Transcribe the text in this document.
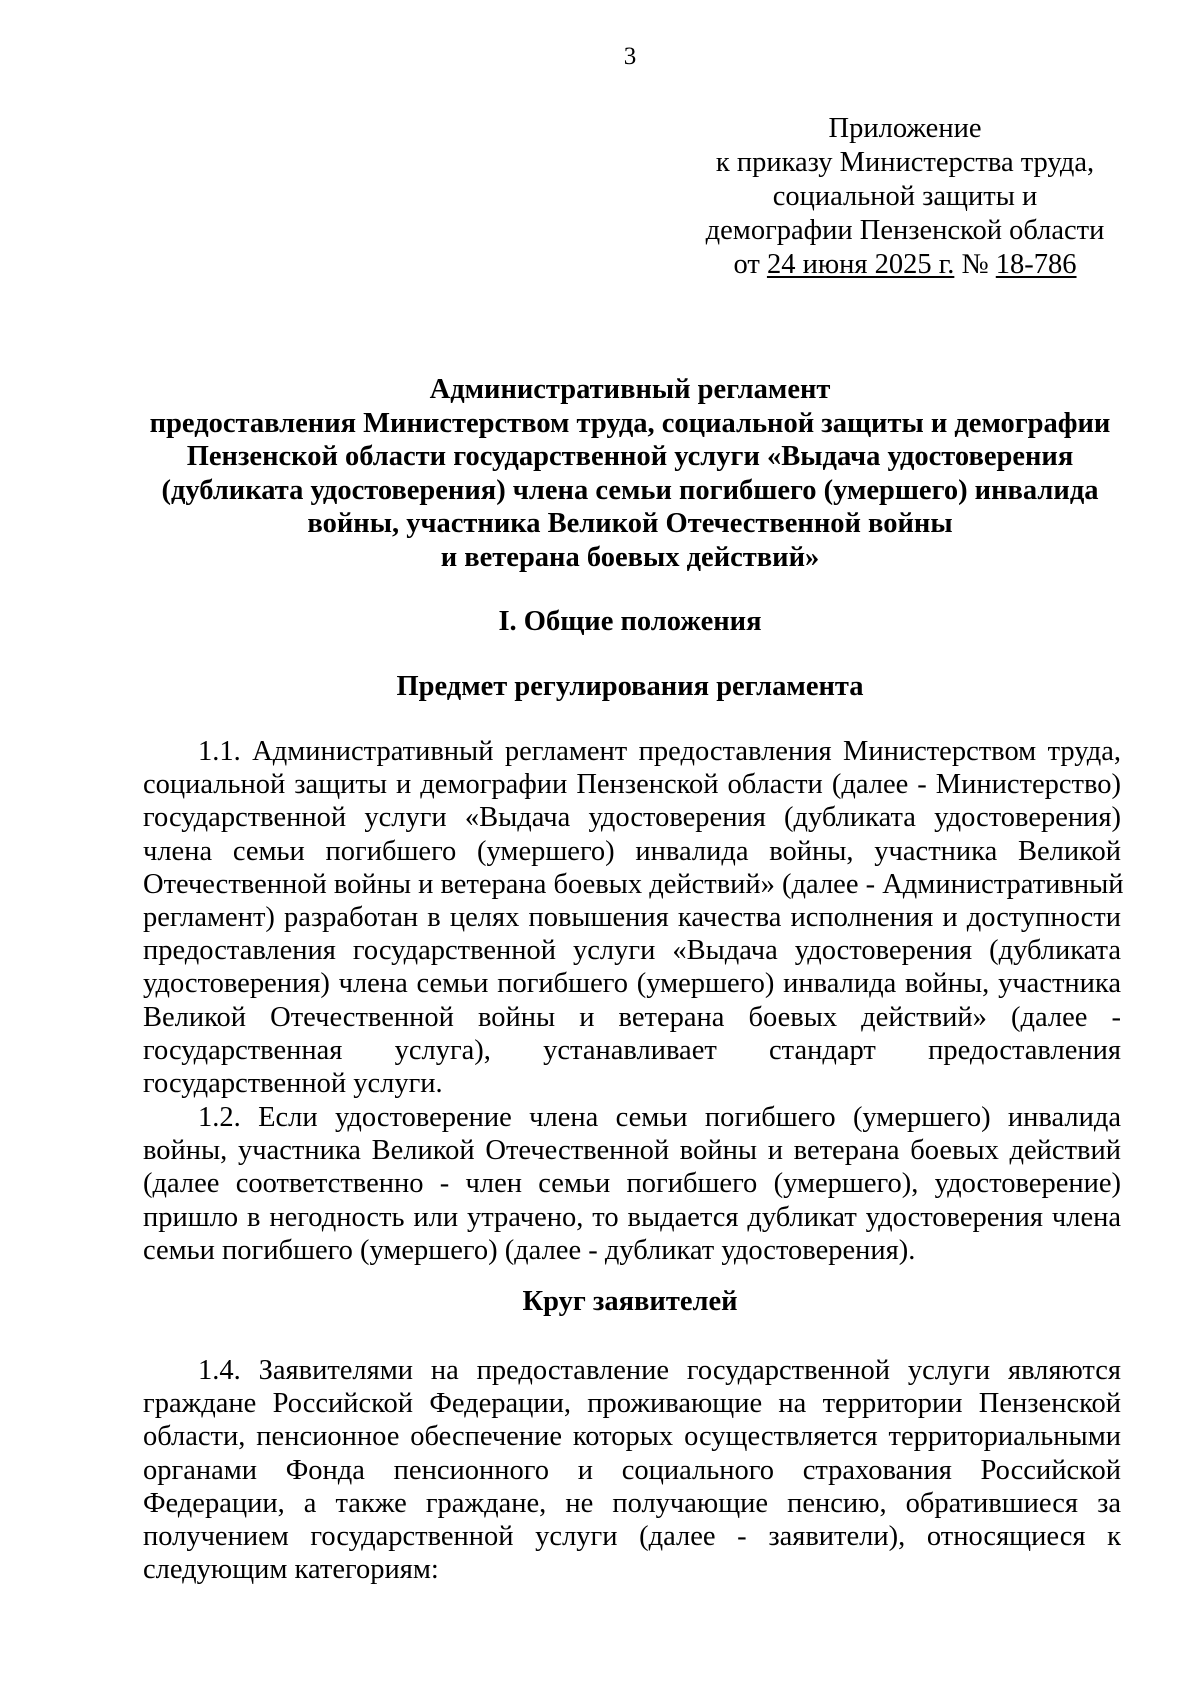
3
Приложение
к приказу Министерства труда,
социальной защиты и
демографии Пензенской области
от 24 июня 2025 г. № 18-786
Административный регламент
предоставления Министерством труда, социальной защиты и демографии
Пензенской области государственной услуги «Выдача удостоверения
(дубликата удостоверения) члена семьи погибшего (умершего) инвалида
войны, участника Великой Отечественной войны
и ветерана боевых действий»
I. Общие положения
Предмет регулирования регламента
1.1. Административный регламент предоставления Министерством труда,
социальной защиты и демографии Пензенской области (далее - Министерство)
государственной услуги «Выдача удостоверения (дубликата удостоверения)
члена семьи погибшего (умершего) инвалида войны, участника Великой
Отечественной войны и ветерана боевых действий» (далее - Административный
регламент) разработан в целях повышения качества исполнения и доступности
предоставления государственной услуги «Выдача удостоверения (дубликата
удостоверения) члена семьи погибшего (умершего) инвалида войны, участника
Великой Отечественной войны и ветерана боевых действий» (далее -
государственная услуга), устанавливает стандарт предоставления
государственной услуги.
1.2. Если удостоверение члена семьи погибшего (умершего) инвалида
войны, участника Великой Отечественной войны и ветерана боевых действий
(далее соответственно - член семьи погибшего (умершего), удостоверение)
пришло в негодность или утрачено, то выдается дубликат удостоверения члена
семьи погибшего (умершего) (далее - дубликат удостоверения).
Круг заявителей
1.4. Заявителями на предоставление государственной услуги являются
граждане Российской Федерации, проживающие на территории Пензенской
области, пенсионное обеспечение которых осуществляется территориальными
органами Фонда пенсионного и социального страхования Российской
Федерации, а также граждане, не получающие пенсию, обратившиеся за
получением государственной услуги (далее - заявители), относящиеся к
следующим категориям:
